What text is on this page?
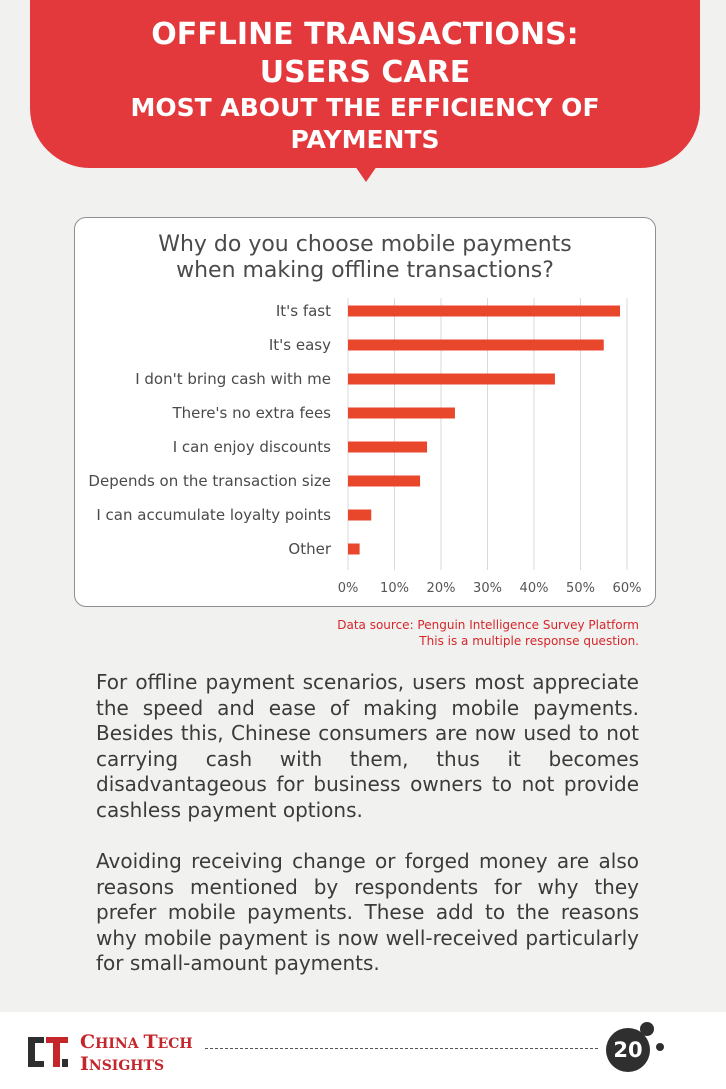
OFFLINE TRANSACTIONS:
USERS CARE
MOST ABOUT THE EFFICIENCY OF
PAYMENTS
Why do you choose mobile payments
when making offline transactions?
0% 10% 20% 30% 40% 50% 60%
It's fast
It's easy
I don't bring cash with me
There's no extra fees
I can enjoy discounts
Depends on the transaction size
I can accumulate loyalty points
Other
Data source: Penguin Intelligence Survey Platform
This is a multiple response question.

For offline payment scenarios, users most appreciate the speed and ease of making mobile payments. Besides this, Chinese consumers are now used to not carrying cash with them, thus it becomes disadvantageous for business owners to not provide cashless payment options.

Avoiding receiving change or forged money are also reasons mentioned by respondents for why they prefer mobile payments. These add to the reasons why mobile payment is now well-received particularly for small-amount payments.

CHINA TECH
INSIGHTS
20
